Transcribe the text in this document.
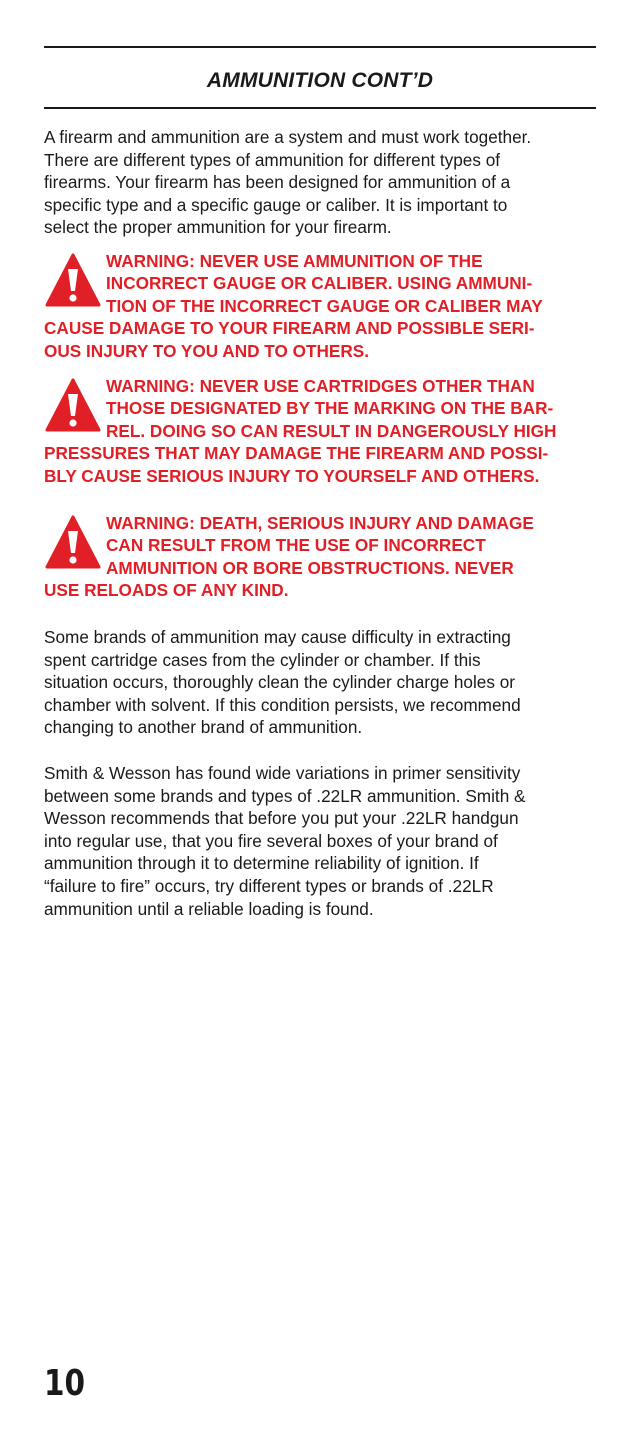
AMMUNITION CONT’D

A firearm and ammunition are a system and must work together.
There are different types of ammunition for different types of
firearms. Your firearm has been designed for ammunition of a
specific type and a specific gauge or caliber. It is important to
select the proper ammunition for your firearm.

WARNING: NEVER USE AMMUNITION OF THE
INCORRECT GAUGE OR CALIBER. USING AMMUNI-
TION OF THE INCORRECT GAUGE OR CALIBER MAY
CAUSE DAMAGE TO YOUR FIREARM AND POSSIBLE SERI-
OUS INJURY TO YOU AND TO OTHERS.
WARNING: NEVER USE CARTRIDGES OTHER THAN
THOSE DESIGNATED BY THE MARKING ON THE BAR-
REL. DOING SO CAN RESULT IN DANGEROUSLY HIGH
PRESSURES THAT MAY DAMAGE THE FIREARM AND POSSI-
BLY CAUSE SERIOUS INJURY TO YOURSELF AND OTHERS.
WARNING: DEATH, SERIOUS INJURY AND DAMAGE
CAN RESULT FROM THE USE OF INCORRECT
AMMUNITION OR BORE OBSTRUCTIONS. NEVER
USE RELOADS OF ANY KIND.

Some brands of ammunition may cause difficulty in extracting
spent cartridge cases from the cylinder or chamber. If this
situation occurs, thoroughly clean the cylinder charge holes or
chamber with solvent. If this condition persists, we recommend
changing to another brand of ammunition.

Smith & Wesson has found wide variations in primer sensitivity
between some brands and types of .22LR ammunition. Smith &
Wesson recommends that before you put your .22LR handgun
into regular use, that you fire several boxes of your brand of
ammunition through it to determine reliability of ignition. If
“failure to fire” occurs, try different types or brands of .22LR
ammunition until a reliable loading is found.

10
